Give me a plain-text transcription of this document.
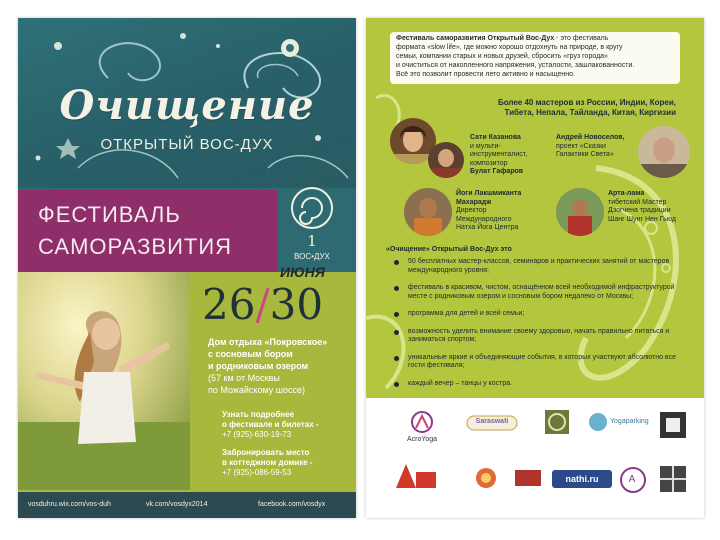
Очищение
ОТКРЫТЫЙ ВОС-ДУХ
ФЕСТИВАЛЬ
САМОРАЗВИТИЯ	1
ВОС•ДУХ
ИЮНЯ
26/30
Дом отдыха «Покровское»
с сосновым бором
и родниковым озером
(57 км от Москвы
по Можайскому шоссе)
Узнать подробнее
о фестивале и билетах -
+7 (925)-630-19-73
Забронировать место
в коттеджном домике -
+7 (925)-086-59-53
vosduhru.wix.com/vos-duh	vk.com/vosdyx2014	facebook.com/vosdyx
Фестиваль саморазвития Открытый Вос-Дух - это фестиваль
формата «slow life», где можно хорошо отдохнуть на природе, в кругу
семьи, компании старых и новых друзей, сбросить «груз города»
и очиститься от накопленного напряжения, усталости, зашлакованности.
Всё это позволит провести лето активно и насыщенно.
Более 40 мастеров из России, Индии, Кореи,
Тибета, Непала, Тайланда, Китая, Киргизии
Сати Казанова
и мульти-
инструменталист,
композитор
Булат Гафаров
Андрей Новоселов,
проект «Сказки
Галактики Света»
Йоги Лакшмиканта
Махарадж
Директор
Международного
Натха Йога Центра
Арта-лама
тибетский Мастер
Дзогчена традиции
Шанг Шунг Нен Гьюд
«Очищение» Открытый Вос-Дух это
50 бесплатных мастер-классов, семинаров и практических занятий от мастеров международного уровня;
фестиваль в красивом, чистом, оснащённом всей необходимой инфраструктурой месте с родниковым озером и сосновым бором недалеко от Москвы;
программа для детей и всей семьи;
возможность уделить внимание своему здоровью, начать правильно питаться и заниматься спортом;
уникальные яркие и объединяющие события, в которых участвуют абсолютно все гости фестиваля;
каждый вечер – танцы у костра.
AcroYoga
Saraswati	Yogaparking
nathi.ru	A
